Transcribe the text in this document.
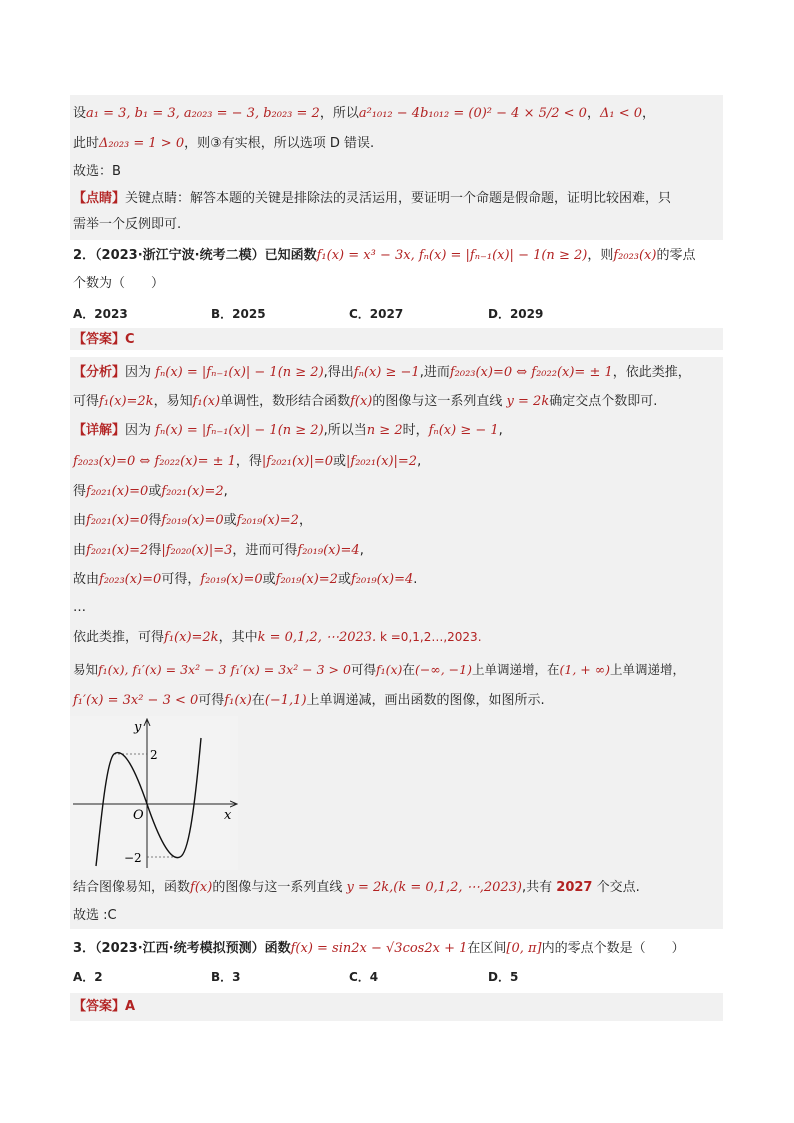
设a₁ = 3, b₁ = 3, a₂₀₂₃ = − 3, b₂₀₂₃ = 2，所以a²₁₀₁₂ − 4b₁₀₁₂ = (0)² − 4 × 5/2 < 0，Δ₁ < 0，
此时Δ₂₀₂₃ = 1 > 0，则③有实根，所以选项 D 错误.
故选：B
【点睛】关键点睛：解答本题的关键是排除法的灵活运用，要证明一个命题是假命题，证明比较困难，只
需举一个反例即可.
2．（2023·浙江宁波·统考二模）已知函数f₁(x) = x³ − 3x, fₙ(x) = |fₙ₋₁(x)| − 1(n ≥ 2)，则f₂₀₂₃(x)的零点
个数为（　　）
A．2023	B．2025	C．2027	D．2029
【答案】C
【分析】因为 fₙ(x) = |fₙ₋₁(x)| − 1(n ≥ 2),得出fₙ(x) ≥ −1,进而f₂₀₂₃(x)=0 ⇔ f₂₀₂₂(x)= ± 1，依此类推，
可得f₁(x)=2k，易知f₁(x)单调性，数形结合函数f(x)的图像与这一系列直线 y = 2k确定交点个数即可.
【详解】因为 fₙ(x) = |fₙ₋₁(x)| − 1(n ≥ 2),所以当n ≥ 2时，fₙ(x) ≥ − 1,
f₂₀₂₃(x)=0 ⇔ f₂₀₂₂(x)= ± 1，得|f₂₀₂₁(x)|=0或|f₂₀₂₁(x)|=2,
得f₂₀₂₁(x)=0或f₂₀₂₁(x)=2,
由f₂₀₂₁(x)=0得f₂₀₁₉(x)=0或f₂₀₁₉(x)=2，
由f₂₀₂₁(x)=2得|f₂₀₂₀(x)|=3，进而可得f₂₀₁₉(x)=4,
故由f₂₀₂₃(x)=0可得，f₂₀₁₉(x)=0或f₂₀₁₉(x)=2或f₂₀₁₉(x)=4.
…
依此类推，可得f₁(x)=2k，其中k = 0,1,2, ⋯2023. k =0,1,2…,2023.
易知f₁(x), f₁′(x) = 3x² − 3 f₁′(x) = 3x² − 3 > 0可得f₁(x)在(−∞, −1)上单调递增，在(1, + ∞)上单调递增，
f₁′(x) = 3x² − 3 < 0可得f₁(x)在(−1,1)上单调递减，画出函数的图像，如图所示.
y
x
O
2
−2
结合图像易知，函数f(x)的图像与这一系列直线 y = 2k,(k = 0,1,2, ⋯,2023),共有 2027 个交点.
故选 :C
3．（2023·江西·统考模拟预测）函数f(x) = sin2x − √3cos2x + 1在区间[0, π]内的零点个数是（　　）
A．2	B．3	C．4	D．5
【答案】A
